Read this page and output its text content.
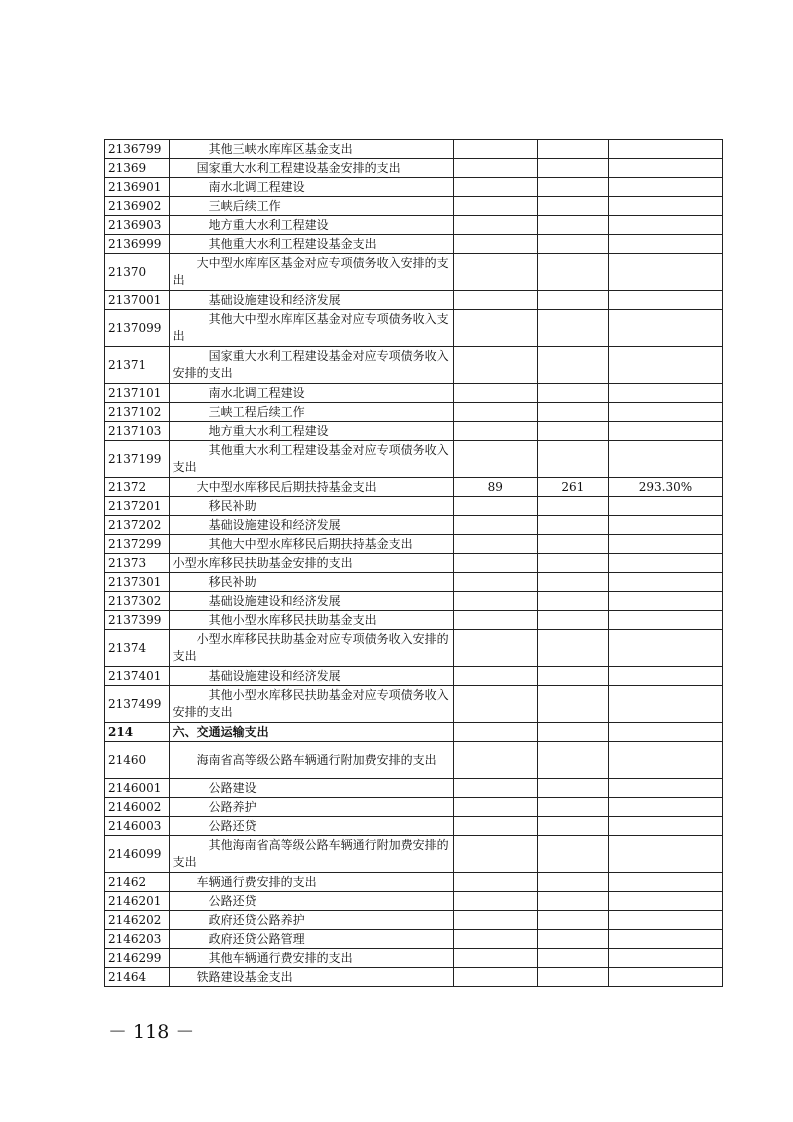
2136799	其他三峡水库库区基金支出			
21369	国家重大水利工程建设基金安排的支出			
2136901	南水北调工程建设			
2136902	三峡后续工作			
2136903	地方重大水利工程建设			
2136999	其他重大水利工程建设基金支出			
21370	大中型水库库区基金对应专项债务收入安排的支出			
2137001	基础设施建设和经济发展			
2137099	其他大中型水库库区基金对应专项债务收入支出			
21371	国家重大水利工程建设基金对应专项债务收入安排的支出			
2137101	南水北调工程建设			
2137102	三峡工程后续工作			
2137103	地方重大水利工程建设			
2137199	其他重大水利工程建设基金对应专项债务收入支出			
21372	大中型水库移民后期扶持基金支出	89	261	293.30%
2137201	移民补助			
2137202	基础设施建设和经济发展			
2137299	其他大中型水库移民后期扶持基金支出			
21373	小型水库移民扶助基金安排的支出			
2137301	移民补助			
2137302	基础设施建设和经济发展			
2137399	其他小型水库移民扶助基金支出			
21374	小型水库移民扶助基金对应专项债务收入安排的支出			
2137401	基础设施建设和经济发展			
2137499	其他小型水库移民扶助基金对应专项债务收入安排的支出			
214	六、交通运输支出			
21460	海南省高等级公路车辆通行附加费安排的支出			
2146001	公路建设			
2146002	公路养护			
2146003	公路还贷			
2146099	其他海南省高等级公路车辆通行附加费安排的支出			
21462	车辆通行费安排的支出			
2146201	公路还贷			
2146202	政府还贷公路养护			
2146203	政府还贷公路管理			
2146299	其他车辆通行费安排的支出			
21464	铁路建设基金支出			
－ 118 －
